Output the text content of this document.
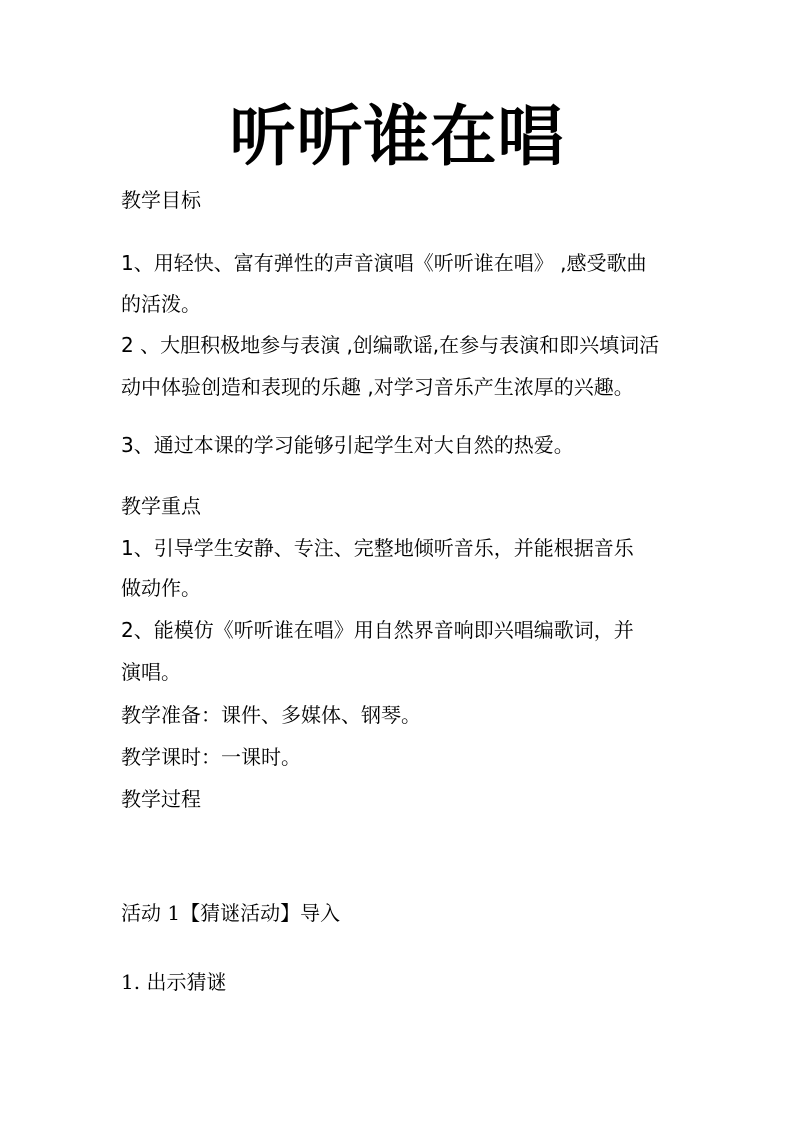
听听谁在唱
教学目标
1、用轻快、富有弹性的声音演唱《听听谁在唱》 ,感受歌曲
的活泼。
2 、大胆积极地参与表演 ,创编歌谣,在参与表演和即兴填词活
动中体验创造和表现的乐趣 ,对学习音乐产生浓厚的兴趣。
3、通过本课的学习能够引起学生对大自然的热爱。
教学重点
1、引导学生安静、专注、完整地倾听音乐，并能根据音乐
做动作。
2、能模仿《听听谁在唱》用自然界音响即兴唱编歌词，并
演唱。
教学准备：课件、多媒体、钢琴。
教学课时：一课时。
教学过程
活动 1【猜谜活动】导入
1. 出示猜谜
